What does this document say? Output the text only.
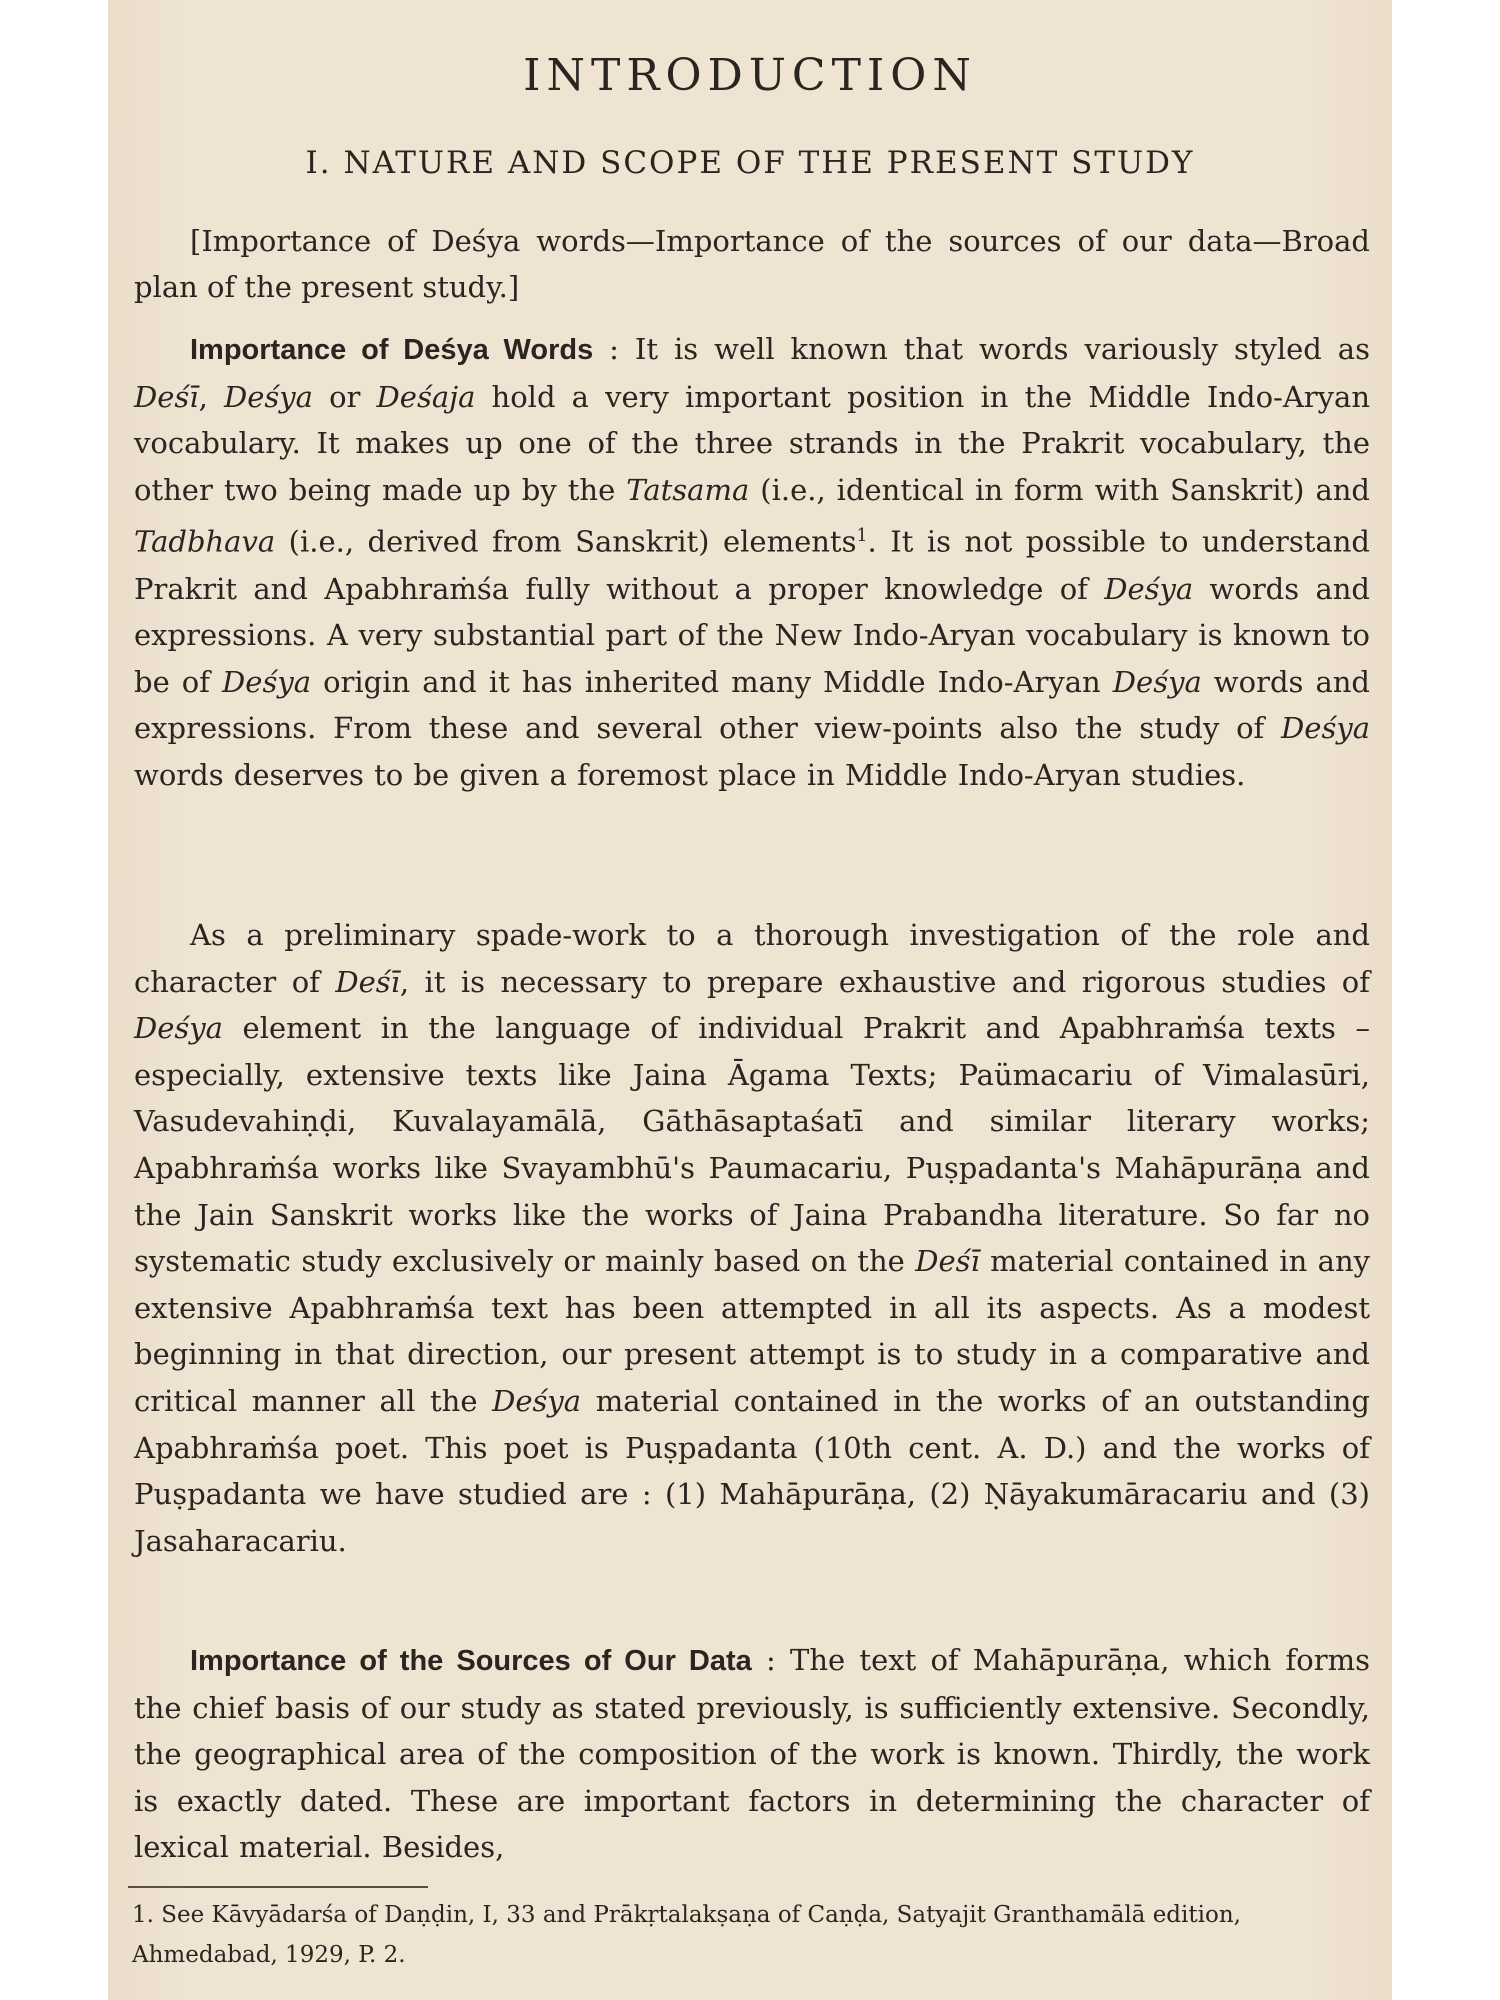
INTRODUCTION
I. NATURE AND SCOPE OF THE PRESENT STUDY

[Importance of Deśya words—Importance of the sources of our data—Broad plan of the present study.]

Importance of Deśya Words : It is well known that words variously styled as Deśī, Deśya or Deśaja hold a very important position in the Middle Indo-Aryan vocabulary. It makes up one of the three strands in the Prakrit vocabulary, the other two being made up by the Tatsama (i.e., identical in form with Sanskrit) and Tadbhava (i.e., derived from Sanskrit) elements$^1$. It is not possible to understand Prakrit and Apabhraṁśa fully without a proper knowledge of Deśya words and expressions. A very substantial part of the New Indo-Aryan vocabulary is known to be of Deśya origin and it has inherited many Middle Indo-Aryan Deśya words and expressions. From these and several other view-points also the study of Deśya words deserves to be given a foremost place in Middle Indo-Aryan studies.

As a preliminary spade-work to a thorough investigation of the role and character of Deśī, it is necessary to prepare exhaustive and rigorous studies of Deśya element in the language of individual Prakrit and Apabhraṁśa texts – especially, extensive texts like Jaina Āgama Texts; Paümacariu of Vimalasūri, Vasudevahiṇḍi, Kuvalayamālā, Gāthāsaptaśatī and similar literary works; Apabhraṁśa works like Svayambhū's Paumacariu, Puṣpadanta's Mahāpurāṇa and the Jain Sanskrit works like the works of Jaina Prabandha literature. So far no systematic study exclusively or mainly based on the Deśī material contained in any extensive Apabhraṁśa text has been attempted in all its aspects. As a modest beginning in that direction, our present attempt is to study in a comparative and critical manner all the Deśya material contained in the works of an outstanding Apabhraṁśa poet. This poet is Puṣpadanta (10th cent. A. D.) and the works of Puṣpadanta we have studied are : (1) Mahāpurāṇa, (2) Ṇāyakumāracariu and (3) Jasaharacariu.

Importance of the Sources of Our Data : The text of Mahāpurāṇa, which forms the chief basis of our study as stated previously, is sufficiently extensive. Secondly, the geographical area of the composition of the work is known. Thirdly, the work is exactly dated. These are important factors in determining the character of lexical material. Besides,

1. See Kāvyādarśa of Daṇḍin, I, 33 and Prākṛtalakṣaṇa of Caṇḍa, Satyajit Granthamālā edition, Ahmedabad, 1929, P. 2.
